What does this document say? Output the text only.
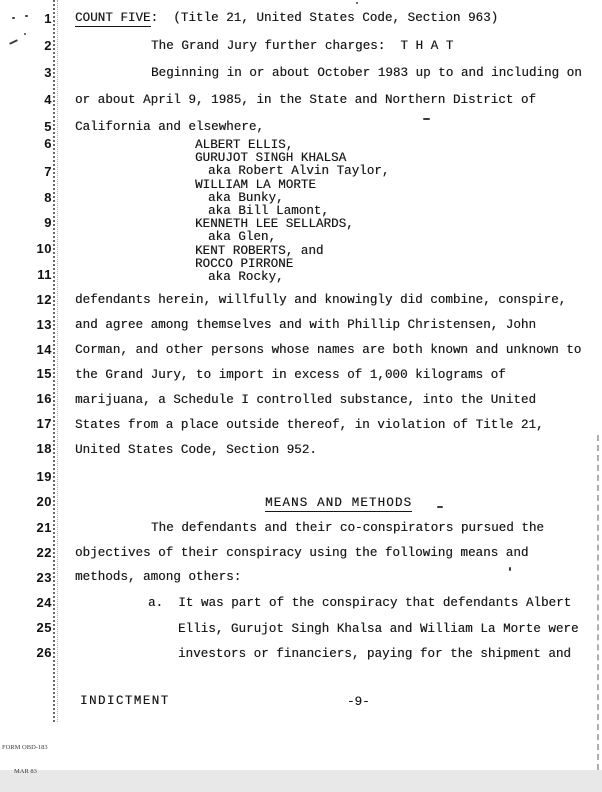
1
2
3
4
5
6
7
8
9
10
11
12
13
14
15
16
17
18
19
20
21
22
23
24
25
26
COUNT FIVE:  (Title 21, United States Code, Section 963)
The Grand Jury further charges:  T H A T
Beginning in or about October 1983 up to and including on
or about April 9, 1985, in the State and Northern District of
California and elsewhere,
ALBERT ELLIS,
GURUJOT SINGH KHALSA
aka Robert Alvin Taylor,
WILLIAM LA MORTE
aka Bunky,
aka Bill Lamont,
KENNETH LEE SELLARDS,
aka Glen,
KENT ROBERTS, and
ROCCO PIRRONE
aka Rocky,
defendants herein, willfully and knowingly did combine, conspire,
and agree among themselves and with Phillip Christensen, John
Corman, and other persons whose names are both known and unknown to
the Grand Jury, to import in excess of 1,000 kilograms of
marijuana, a Schedule I controlled substance, into the United
States from a place outside thereof, in violation of Title 21,
United States Code, Section 952.
MEANS AND METHODS
The defendants and their co-conspirators pursued the
objectives of their conspiracy using the following means and
methods, among others:
a.  It was part of the conspiracy that defendants Albert
Ellis, Gurujot Singh Khalsa and William La Morte were
investors or financiers, paying for the shipment and
INDICTMENT	-9-

FORM OBD-183

MAR 83
